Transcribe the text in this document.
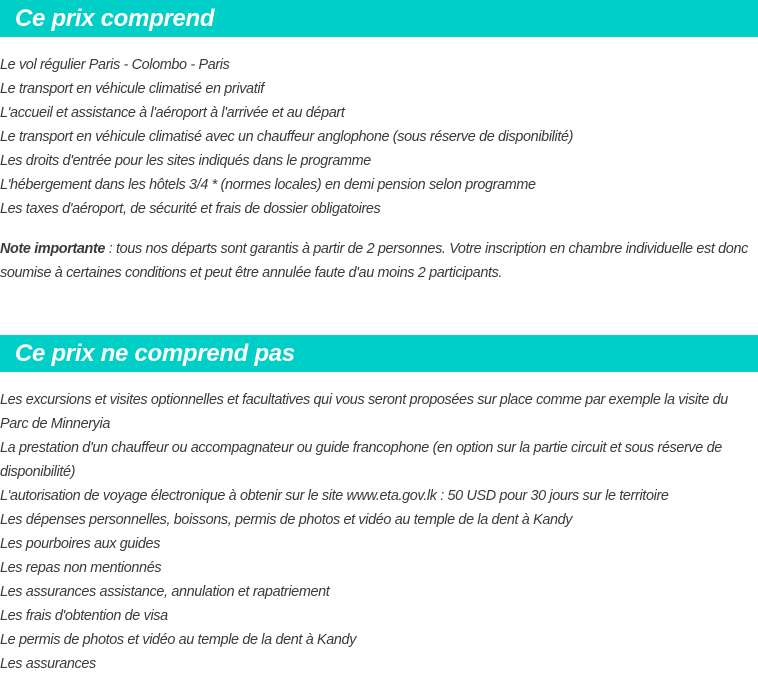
Ce prix comprend
Le vol régulier Paris - Colombo - Paris
Le transport en véhicule climatisé en privatif
L'accueil et assistance à l'aéroport à l'arrivée et au départ
Le transport en véhicule climatisé avec un chauffeur anglophone (sous réserve de disponibilité)
Les droits d'entrée pour les sites indiqués dans le programme
L'hébergement dans les hôtels 3/4 * (normes locales) en demi pension selon programme
Les taxes d'aéroport, de sécurité et frais de dossier obligatoires

Note importante : tous nos départs sont garantis à partir de 2 personnes. Votre inscription en chambre individuelle est donc soumise à certaines conditions et peut être annulée faute d'au moins 2 participants.

Ce prix ne comprend pas
Les excursions et visites optionnelles et facultatives qui vous seront proposées sur place comme par exemple la visite du Parc de Minneryia
La prestation d'un chauffeur ou accompagnateur ou guide francophone (en option sur la partie circuit et sous réserve de disponibilité)
L'autorisation de voyage électronique à obtenir sur le site www.eta.gov.lk : 50 USD pour 30 jours sur le territoire
Les dépenses personnelles, boissons, permis de photos et vidéo au temple de la dent à Kandy
Les pourboires aux guides
Les repas non mentionnés
Les assurances assistance, annulation et rapatriement
Les frais d'obtention de visa
Le permis de photos et vidéo au temple de la dent à Kandy
Les assurances
